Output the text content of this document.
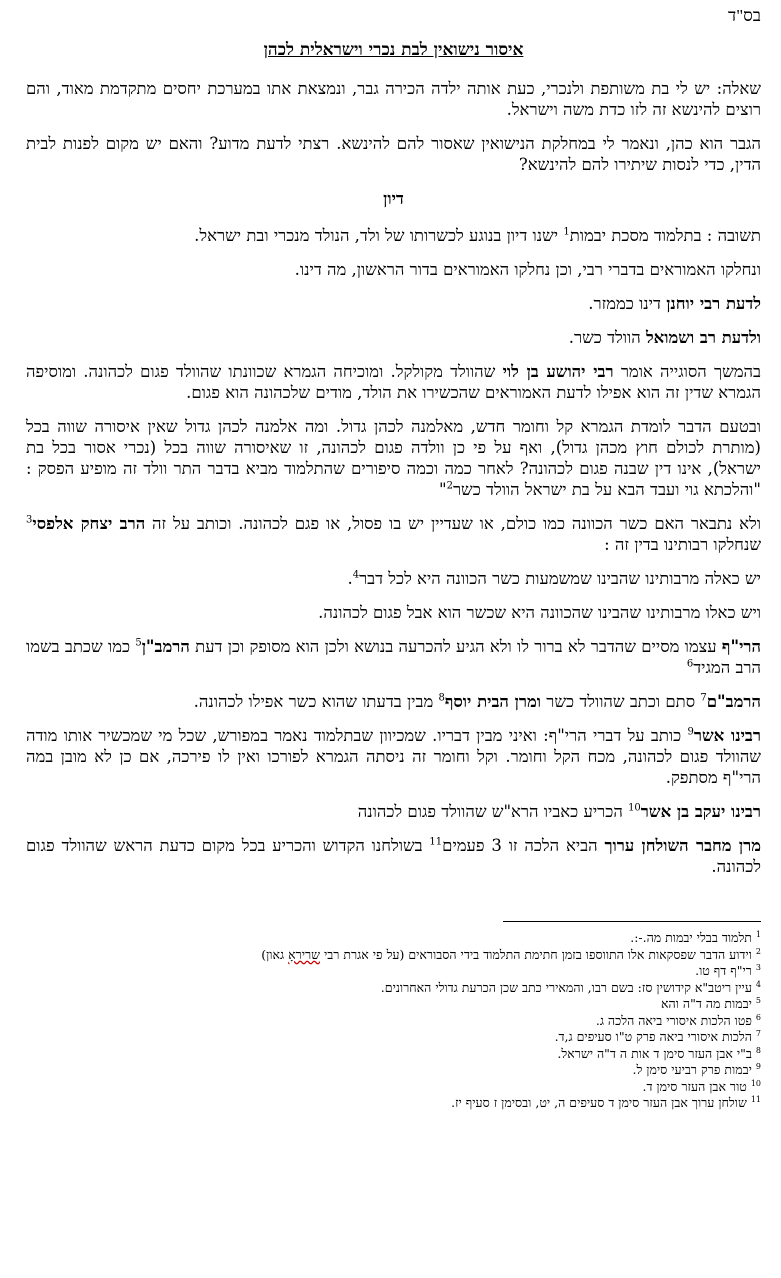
בס"ד
איסור נישואין לבת נכרי וישראלית לכהן

שאלה: יש לי בת משותפת ולנכרי, כעת אותה ילדה הכירה גבר, ונמצאת אתו במערכת יחסים מתקדמת מאוד, והם רוצים להינשא זה לזו כדת משה וישראל.

הגבר הוא כהן, ונאמר לי במחלקת הנישואין שאסור להם להינשא. רצתי לדעת מדוע? והאם יש מקום לפנות לבית הדין, כדי לנסות שיתירו להם להינשא?

דיון

תשובה : בתלמוד מסכת יבמות$^1$ ישנו דיון בנוגע לכשרותו של ולד, הנולד מנכרי ובת ישראל.

ונחלקו האמוראים בדברי רבי, וכן נחלקו האמוראים בדור הראשון, מה דינו.

לדעת רבי יוחנן דינו כממזר.

ולדעת רב ושמואל הוולד כשר.

בהמשך הסוגייה אומר רבי יהושע בן לוי שהוולד מקולקל. ומוכיחה הגמרא שכוונתו שהוולד פגום לכהונה. ומוסיפה הגמרא שדין זה הוא אפילו לדעת האמוראים שהכשירו את הולד, מודים שלכהונה הוא פגום.

ובטעם הדבר לומדת הגמרא קל וחומר חדש, מאלמנה לכהן גדול. ומה אלמנה לכהן גדול שאין איסורה שווה בכל (מותרת לכולם חוץ מכהן גדול), ואף על פי כן וולדה פגום לכהונה, זו שאיסורה שווה בכל (נכרי אסור בכל בת ישראל), אינו דין שבנה פגום לכהונה? לאחר כמה וכמה סיפורים שהתלמוד מביא בדבר התר וולד זה מופיע הפסק : "והלכתא גוי ועבד הבא על בת ישראל הוולד כשר$^2$"

ולא נתבאר האם כשר הכוונה כמו כולם, או שעדיין יש בו פסול, או פגם לכהונה. וכותב על זה הרב יצחק אלפסי$^3$ שנחלקו רבותינו בדין זה :

יש כאלה מרבותינו שהבינו שמשמעות כשר הכוונה היא לכל דבר$^4$.

ויש כאלו מרבותינו שהבינו שהכוונה היא שכשר הוא אבל פגום לכהונה.

הרי"ף עצמו מסיים שהדבר לא ברור לו ולא הגיע להכרעה בנושא ולכן הוא מסופק וכן דעת הרמב"ן$^5$ כמו שכתב בשמו הרב המגיד$^6$

הרמב"ם$^7$ סתם וכתב שהוולד כשר ומרן הבית יוסף$^8$ מבין בדעתו שהוא כשר אפילו לכהונה.

רבינו אשר$^9$ כותב על דברי הרי"ף: ואיני מבין דבריו. שמכיוון שבתלמוד נאמר במפורש, שכל מי שמכשיר אותו מודה שהוולד פגום לכהונה, מכח הקל וחומר. וקל וחומר זה ניסתה הגמרא לפורכו ואין לו פירכה, אם כן לא מובן במה הרי"ף מסתפק.

רבינו יעקב בן אשר$^{10}$ הכריע כאביו הרא"ש שהוולד פגום לכהונה

מרן מחבר השולחן ערוך הביא הלכה זו 3 פעמים$^{11}$ בשולחנו הקדוש והכריע בכל מקום כדעת הראש שהוולד פגום לכהונה.

$^1$ תלמוד בבלי יבמות מה.-:.
$^2$ וידוע הדבר שפסקאות אלו התווספו בזמן חתימת התלמוד בידי הסבוראים (על פי אגרת רבי שריראָ גאון)
$^3$ רי"ף דף טו.
$^4$ עיין ריטב"א קידושין סז: בשם רבו, והמאירי כתב שכן הכרעת גדולי האחרונים.
$^5$ יבמות מה ד"ה והא
$^6$ פטו הלכות איסורי ביאה הלכה ג.
$^7$ הלכות איסורי ביאה פרק ט"ו סעיפים ג,ד.
$^8$ ב"י אבן העזר סימן ד אות ה ד"ה ישראל.
$^9$ יבמות פרק רביעי סימן ל.
$^{10}$ טור אבן העזר סימן ד.
$^{11}$ שולחן ערוך אבן העזר סימן ד סעיפים ה, יט, ובסימן ז סעיף יז.
